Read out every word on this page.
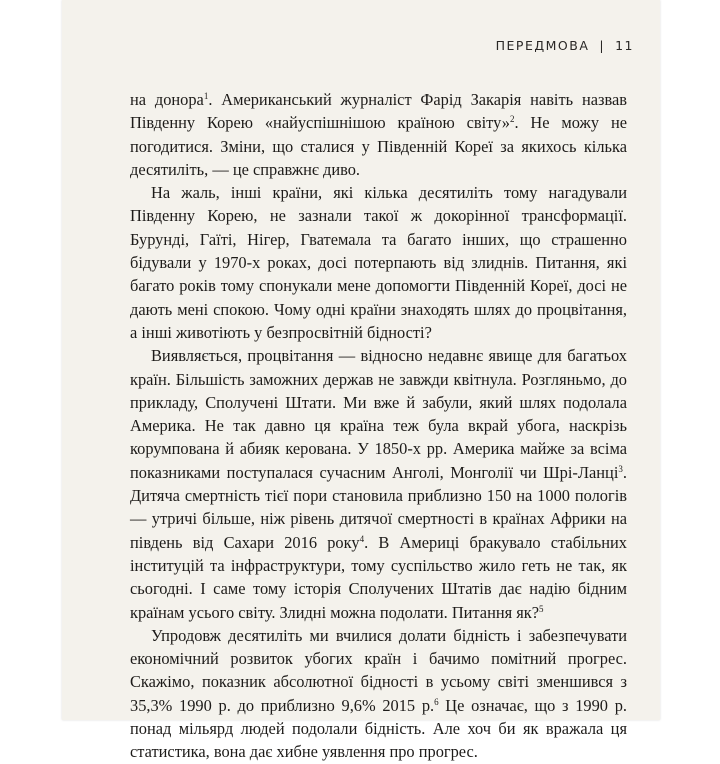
ПЕРЕДМОВА | 11

на донора$^1$. Американський журналіст Фарід Закарія навіть назвав Південну Корею «найуспішнішою країною світу»$^2$. Не можу не погодитися. Зміни, що сталися у Південній Кореї за якихось кілька десятиліть, — це справжнє диво.

На жаль, інші країни, які кілька десятиліть тому нагадували Південну Корею, не зазнали такої ж докорінної трансформації. Бурунді, Гаїті, Нігер, Гватемала та багато інших, що страшенно бідували у 1970-х роках, досі потерпають від злиднів. Питання, які багато років тому спонукали мене допомогти Південній Кореї, досі не дають мені спокою. Чому одні країни знаходять шлях до процвітання, а інші животіють у безпросвітній бідності?

Виявляється, процвітання — відносно недавнє явище для багатьох країн. Більшість заможних держав не завжди квітнула. Розгляньмо, до прикладу, Сполучені Штати. Ми вже й забули, який шлях подолала Америка. Не так давно ця країна теж була вкрай убога, наскрізь корумпована й абияк керована. У 1850-х рр. Америка майже за всіма показниками поступалася сучасним Анголі, Монголії чи Шрі-Ланці$^3$. Дитяча смертність тієї пори становила приблизно 150 на 1000 пологів — утричі більше, ніж рівень дитячої смертності в країнах Африки на південь від Сахари 2016 року$^4$. В Америці бракувало стабільних інституцій та інфраструктури, тому суспільство жило геть не так, як сьогодні. І саме тому історія Сполучених Штатів дає надію бідним країнам усього світу. Злидні можна подолати. Питання як?$^5$

Упродовж десятиліть ми вчилися долати бідність і забезпечувати економічний розвиток убогих країн і бачимо помітний прогрес. Скажімо, показник абсолютної бідності в усьому світі зменшився з 35,3% 1990 р. до приблизно 9,6% 2015 р.$^6$ Це означає, що з 1990 р. понад мільярд людей подолали бідність. Але хоч би як вражала ця статистика, вона дає хибне уявлення про прогрес.
